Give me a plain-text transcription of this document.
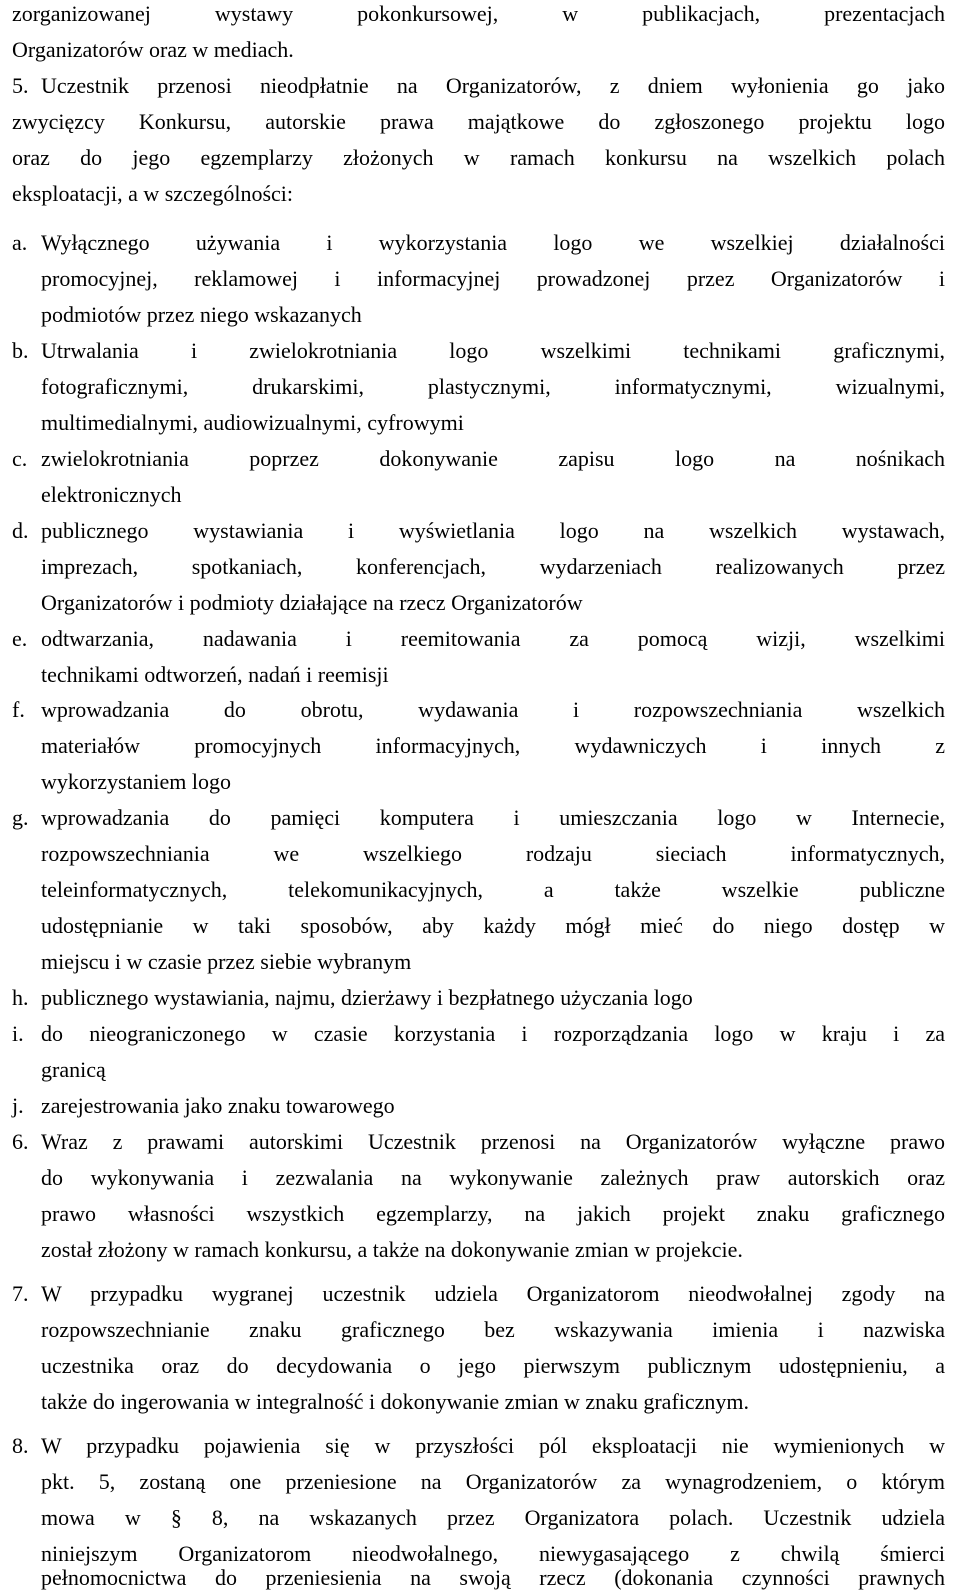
zorganizowanej wystawy pokonkursowej, w publikacjach, prezentacjach
Organizatorów oraz w mediach.
5. Uczestnik przenosi nieodpłatnie na Organizatorów, z dniem wyłonienia go jako
zwycięzcy Konkursu, autorskie prawa majątkowe do zgłoszonego projektu logo
oraz do jego egzemplarzy złożonych w ramach konkursu na wszelkich polach
eksploatacji, a w szczególności:
a. Wyłącznego używania i wykorzystania logo we wszelkiej działalności
promocyjnej, reklamowej i informacyjnej prowadzonej przez Organizatorów i
podmiotów przez niego wskazanych
b. Utrwalania i zwielokrotniania logo wszelkimi technikami graficznymi,
fotograficznymi, drukarskimi, plastycznymi, informatycznymi, wizualnymi,
multimedialnymi, audiowizualnymi, cyfrowymi
c. zwielokrotniania poprzez dokonywanie zapisu logo na nośnikach
elektronicznych
d. publicznego wystawiania i wyświetlania logo na wszelkich wystawach,
imprezach, spotkaniach, konferencjach, wydarzeniach realizowanych przez
Organizatorów i podmioty działające na rzecz Organizatorów
e. odtwarzania, nadawania i reemitowania za pomocą wizji, wszelkimi
technikami odtworzeń, nadań i reemisji
f. wprowadzania do obrotu, wydawania i rozpowszechniania wszelkich
materiałów promocyjnych informacyjnych, wydawniczych i innych z
wykorzystaniem logo
g. wprowadzania do pamięci komputera i umieszczania logo w Internecie,
rozpowszechniania we wszelkiego rodzaju sieciach informatycznych,
teleinformatycznych, telekomunikacyjnych, a także wszelkie publiczne
udostępnianie w taki sposobów, aby każdy mógł mieć do niego dostęp w
miejscu i w czasie przez siebie wybranym
h. publicznego wystawiania, najmu, dzierżawy i bezpłatnego użyczania logo
i. do nieograniczonego w czasie korzystania i rozporządzania logo w kraju i za
granicą
j. zarejestrowania jako znaku towarowego
6. Wraz z prawami autorskimi Uczestnik przenosi na Organizatorów wyłączne prawo
do wykonywania i zezwalania na wykonywanie zależnych praw autorskich oraz
prawo własności wszystkich egzemplarzy, na jakich projekt znaku graficznego
został złożony w ramach konkursu, a także na dokonywanie zmian w projekcie.
7. W przypadku wygranej uczestnik udziela Organizatorom nieodwołalnej zgody na
rozpowszechnianie znaku graficznego bez wskazywania imienia i nazwiska
uczestnika oraz do decydowania o jego pierwszym publicznym udostępnieniu, a
także do ingerowania w integralność i dokonywanie zmian w znaku graficznym.
8. W przypadku pojawienia się w przyszłości pól eksploatacji nie wymienionych w
pkt. 5, zostaną one przeniesione na Organizatorów za wynagrodzeniem, o którym
mowa w § 8, na wskazanych przez Organizatora polach. Uczestnik udziela
niniejszym Organizatorom nieodwołalnego, niewygasającego z chwilą śmierci
pełnomocnictwa do przeniesienia na swoją rzecz (dokonania czynności prawnych
